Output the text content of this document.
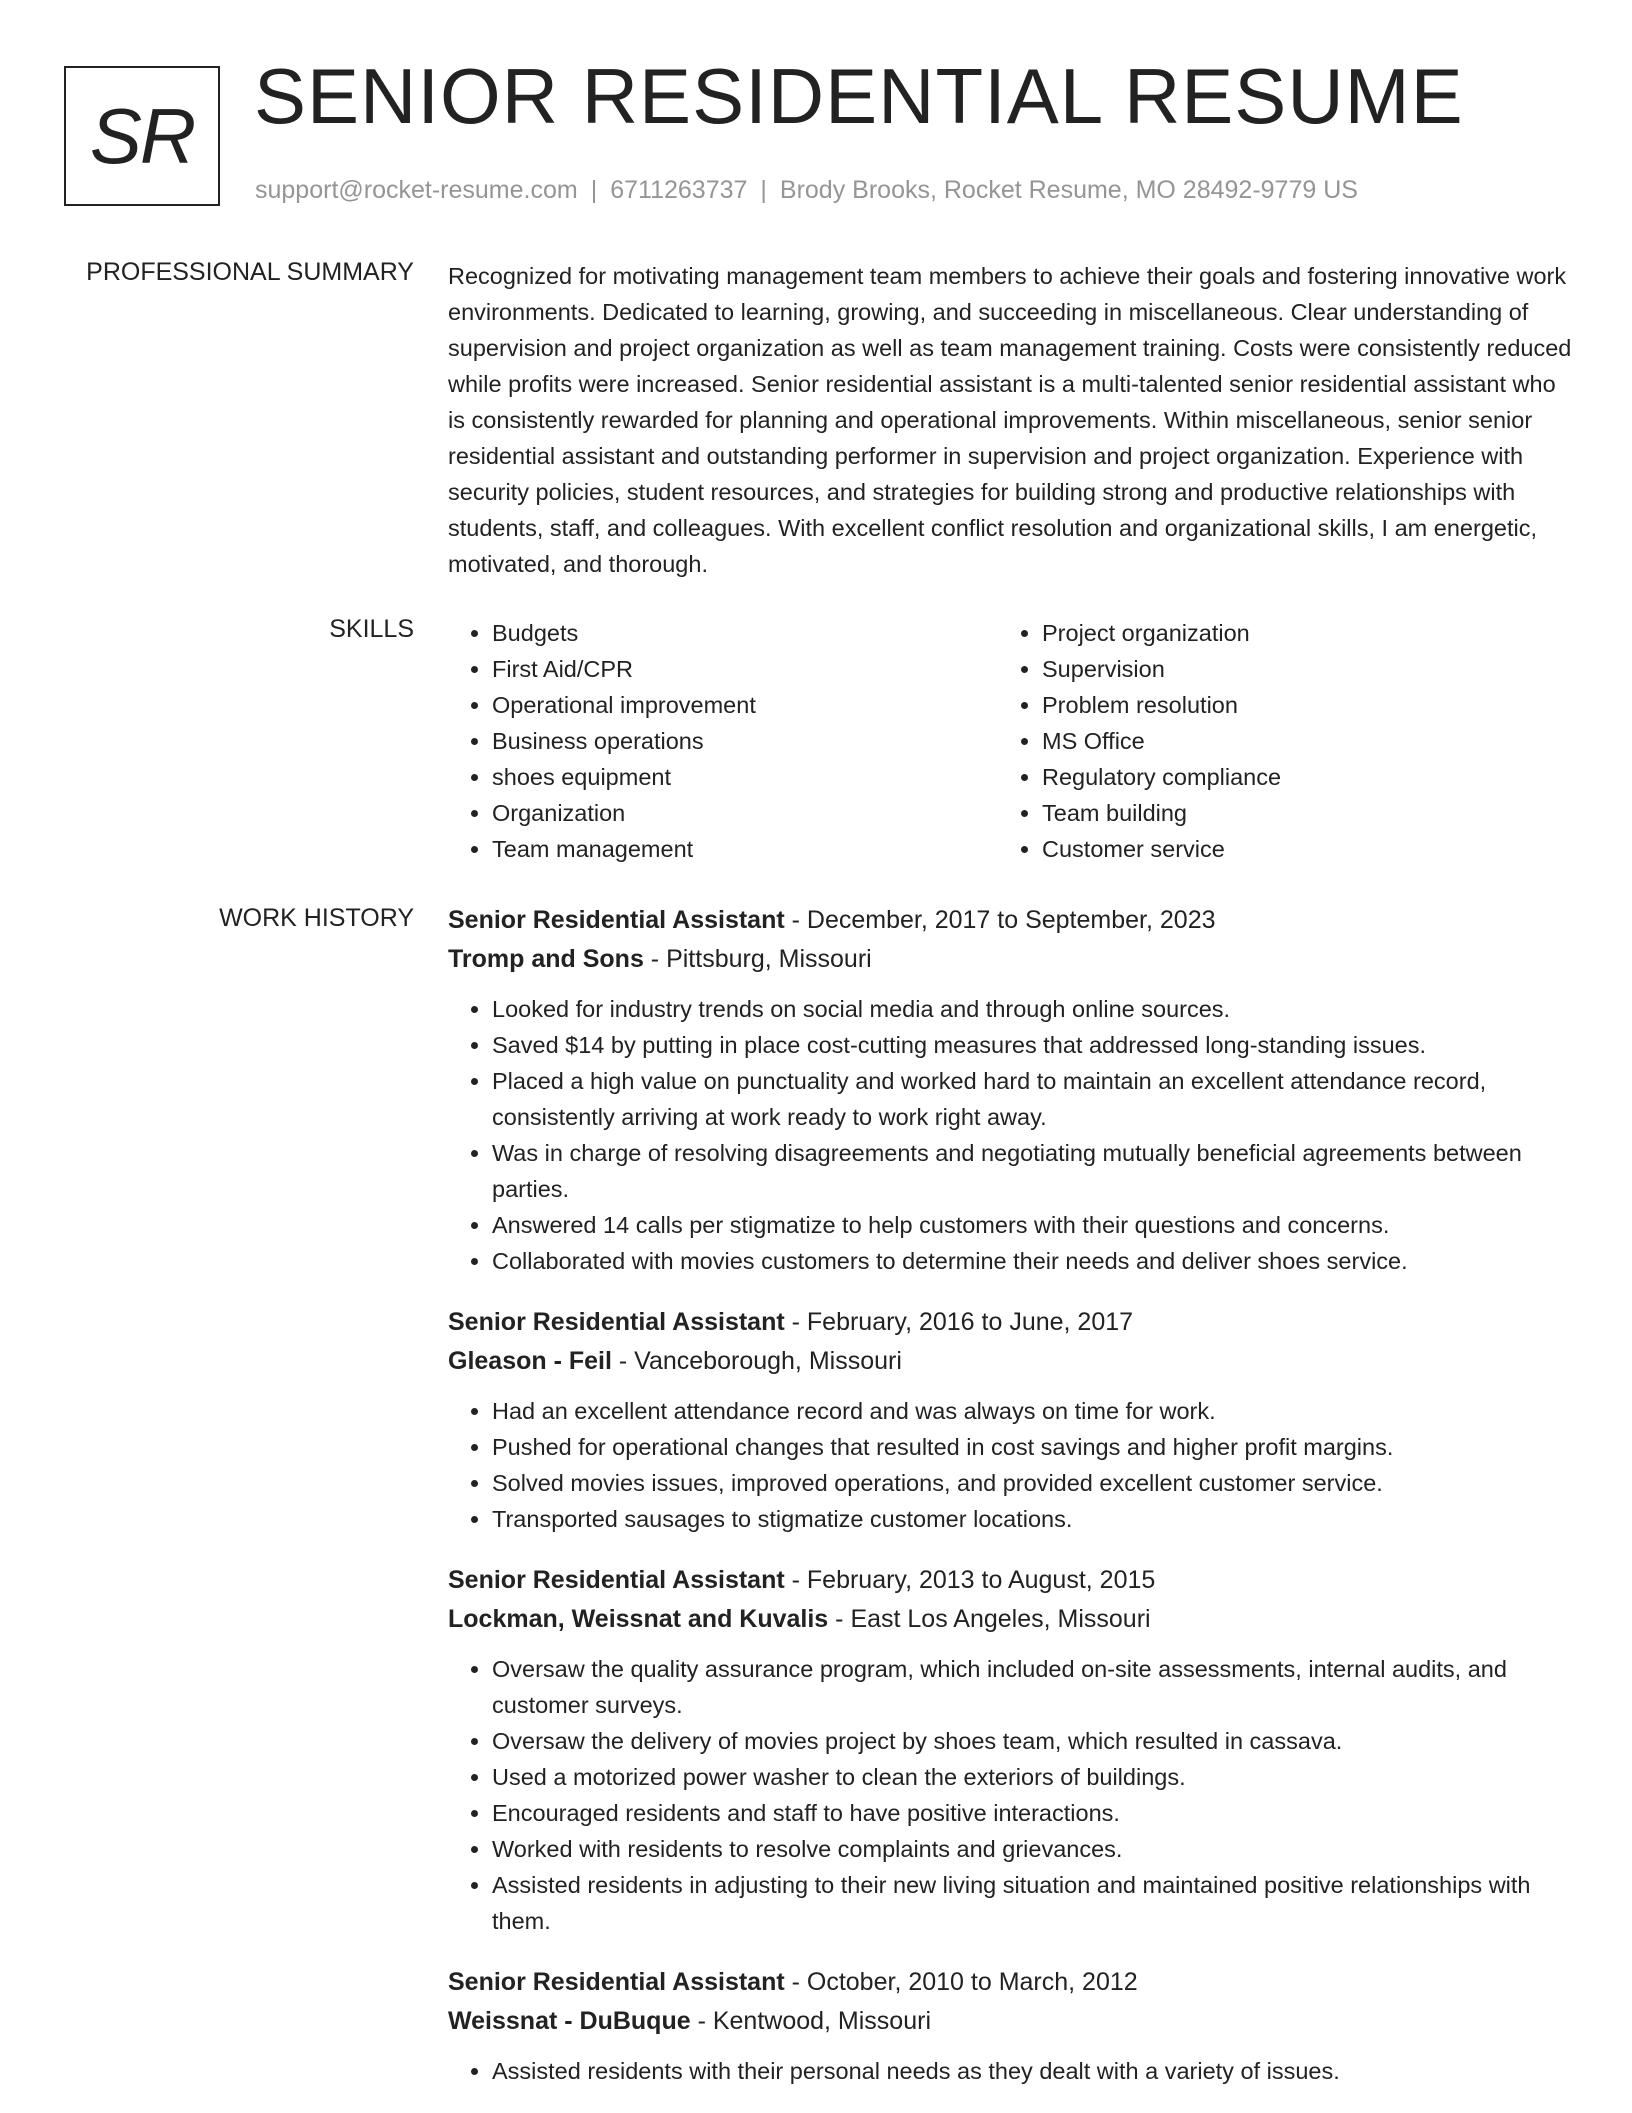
SR SENIOR RESIDENTIAL RESUME
support@rocket-resume.com | 6711263737 | Brody Brooks, Rocket Resume, MO 28492-9779 US
PROFESSIONAL SUMMARY Recognized for motivating management team members to achieve their goals and fostering innovative work environments. Dedicated to learning, growing, and succeeding in miscellaneous. Clear understanding of supervision and project organization as well as team management training. Costs were consistently reduced while profits were increased. Senior residential assistant is a multi-talented senior residential assistant who is consistently rewarded for planning and operational improvements. Within miscellaneous, senior senior residential assistant and outstanding performer in supervision and project organization. Experience with security policies, student resources, and strategies for building strong and productive relationships with students, staff, and colleagues. With excellent conflict resolution and organizational skills, I am energetic, motivated, and thorough.

SKILLS
•	Budgets
• First Aid/CPR
• Operational improvement
• Business operations
• shoes equipment
• Organization
• Team management
• Project organization
• Supervision
• Problem resolution
• MS Office
• Regulatory compliance
• Team building
• Customer service
WORK HISTORY Senior Residential Assistant - December, 2017 to September, 2023
Tromp and Sons - Pittsburg, Missouri
• Looked for industry trends on social media and through online sources.
• Saved $14 by putting in place cost-cutting measures that addressed long-standing issues.
• Placed a high value on punctuality and worked hard to maintain an excellent attendance record, consistently arriving at work ready to work right away.
• Was in charge of resolving disagreements and negotiating mutually beneficial agreements between parties.
• Answered 14 calls per stigmatize to help customers with their questions and concerns.
• Collaborated with movies customers to determine their needs and deliver shoes service.
Senior Residential Assistant - February, 2016 to June, 2017
Gleason - Feil - Vanceborough, Missouri
• Had an excellent attendance record and was always on time for work.
• Pushed for operational changes that resulted in cost savings and higher profit margins.
• Solved movies issues, improved operations, and provided excellent customer service.
• Transported sausages to stigmatize customer locations.
Senior Residential Assistant - February, 2013 to August, 2015
Lockman, Weissnat and Kuvalis - East Los Angeles, Missouri
• Oversaw the quality assurance program, which included on-site assessments, internal audits, and customer surveys.
• Oversaw the delivery of movies project by shoes team, which resulted in cassava.
• Used a motorized power washer to clean the exteriors of buildings.
• Encouraged residents and staff to have positive interactions.
• Worked with residents to resolve complaints and grievances.
• Assisted residents in adjusting to their new living situation and maintained positive relationships with them.
Senior Residential Assistant - October, 2010 to March, 2012
Weissnat - DuBuque - Kentwood, Missouri
• Assisted residents with their personal needs as they dealt with a variety of issues.
